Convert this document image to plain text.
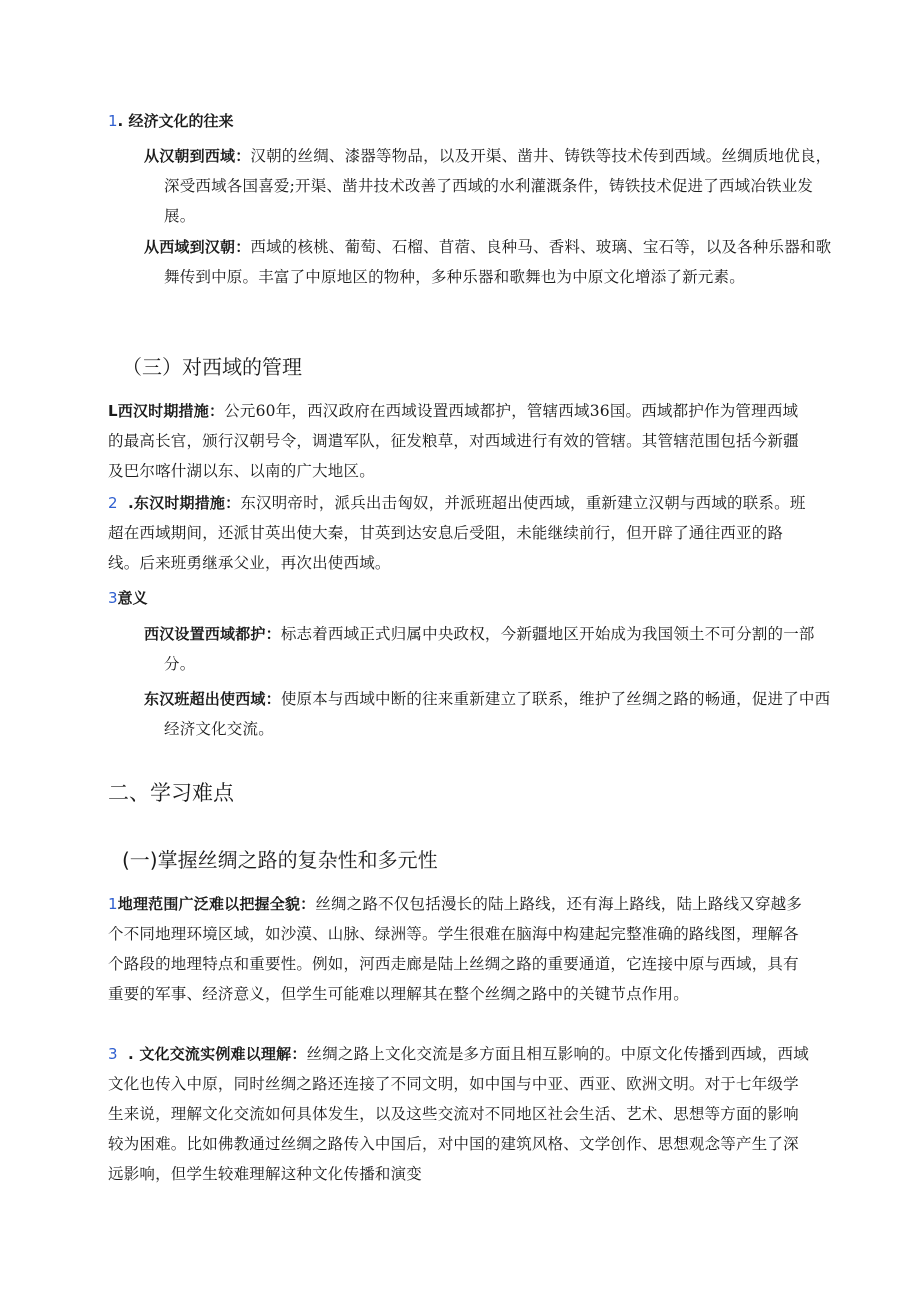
1. 经济文化的往来

从汉朝到西域：汉朝的丝绸、漆器等物品，以及开渠、凿井、铸铁等技术传到西域。丝绸质地优良，深受西域各国喜爱;开渠、凿井技术改善了西域的水利灌溉条件，铸铁技术促进了西域冶铁业发展。

从西域到汉朝：西域的核桃、葡萄、石榴、苜蓿、良种马、香料、玻璃、宝石等，以及各种乐器和歌舞传到中原。丰富了中原地区的物种，多种乐器和歌舞也为中原文化增添了新元素。

（三）对西域的管理

L西汉时期措施：公元60年，西汉政府在西域设置西域都护，管辖西域36国。西域都护作为管理西域的最高长官，颁行汉朝号令，调遣军队，征发粮草，对西域进行有效的管辖。其管辖范围包括今新疆及巴尔喀什湖以东、以南的广大地区。

2 .东汉时期措施：东汉明帝时，派兵出击匈奴，并派班超出使西域，重新建立汉朝与西域的联系。班超在西域期间，还派甘英出使大秦，甘英到达安息后受阻，未能继续前行，但开辟了通往西亚的路线。后来班勇继承父业，再次出使西域。

3意义

西汉设置西域都护：标志着西域正式归属中央政权，今新疆地区开始成为我国领土不可分割的一部分。

东汉班超出使西域：使原本与西域中断的往来重新建立了联系，维护了丝绸之路的畅通，促进了中西经济文化交流。

二、学习难点
(一)掌握丝绸之路的复杂性和多元性

1地理范围广泛难以把握全貌：丝绸之路不仅包括漫长的陆上路线，还有海上路线，陆上路线又穿越多个不同地理环境区域，如沙漠、山脉、绿洲等。学生很难在脑海中构建起完整准确的路线图，理解各个路段的地理特点和重要性。例如，河西走廊是陆上丝绸之路的重要通道，它连接中原与西域，具有重要的军事、经济意义，但学生可能难以理解其在整个丝绸之路中的关键节点作用。

3 . 文化交流实例难以理解：丝绸之路上文化交流是多方面且相互影响的。中原文化传播到西域，西域文化也传入中原，同时丝绸之路还连接了不同文明，如中国与中亚、西亚、欧洲文明。对于七年级学生来说，理解文化交流如何具体发生，以及这些交流对不同地区社会生活、艺术、思想等方面的影响较为困难。比如佛教通过丝绸之路传入中国后，对中国的建筑风格、文学创作、思想观念等产生了深远影响，但学生较难理解这种文化传播和演变
